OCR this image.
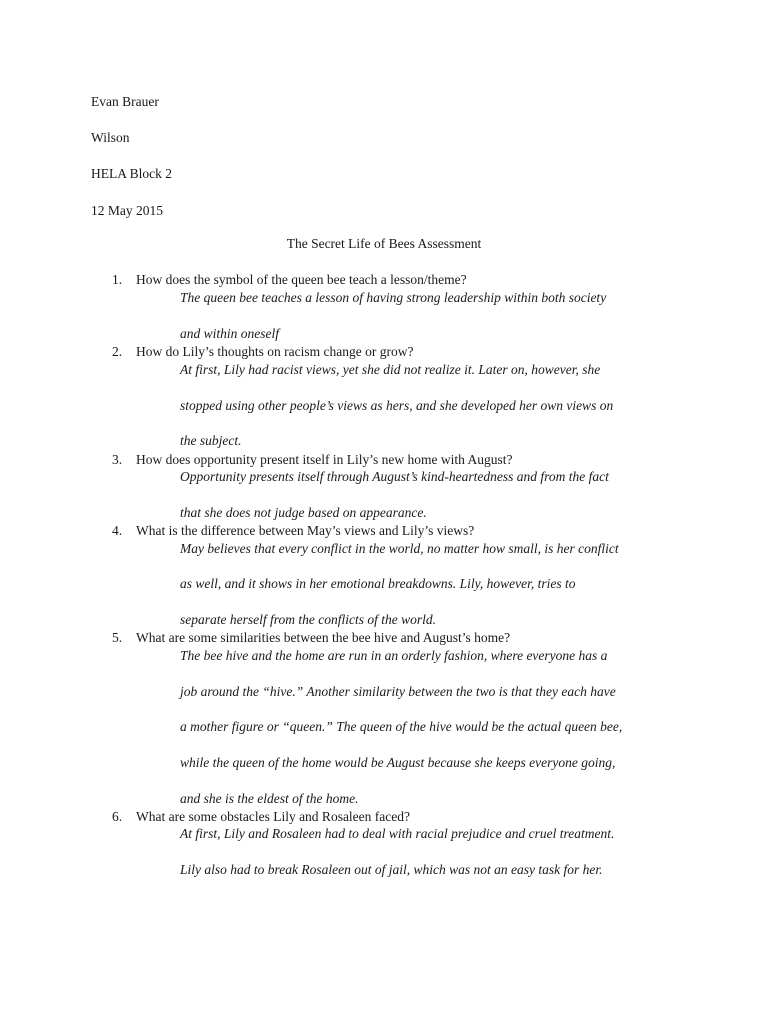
Evan Brauer
Wilson
HELA Block 2
12 May 2015
The Secret Life of Bees Assessment
1. How does the symbol of the queen bee teach a lesson/theme?
The queen bee teaches a lesson of having strong leadership within both society
and within oneself
2. How do Lily’s thoughts on racism change or grow?
At first, Lily had racist views, yet she did not realize it. Later on, however, she
stopped using other people’s views as hers, and she developed her own views on
the subject.
3. How does opportunity present itself in Lily’s new home with August?
Opportunity presents itself through August’s kind-heartedness and from the fact
that she does not judge based on appearance.
4. What is the difference between May’s views and Lily’s views?
May believes that every conflict in the world, no matter how small, is her conflict
as well, and it shows in her emotional breakdowns. Lily, however, tries to
separate herself from the conflicts of the world.
5. What are some similarities between the bee hive and August’s home?
The bee hive and the home are run in an orderly fashion, where everyone has a
job around the “hive.” Another similarity between the two is that they each have
a mother figure or “queen.” The queen of the hive would be the actual queen bee,
while the queen of the home would be August because she keeps everyone going,
and she is the eldest of the home.
6. What are some obstacles Lily and Rosaleen faced?
At first, Lily and Rosaleen had to deal with racial prejudice and cruel treatment.
Lily also had to break Rosaleen out of jail, which was not an easy task for her.
